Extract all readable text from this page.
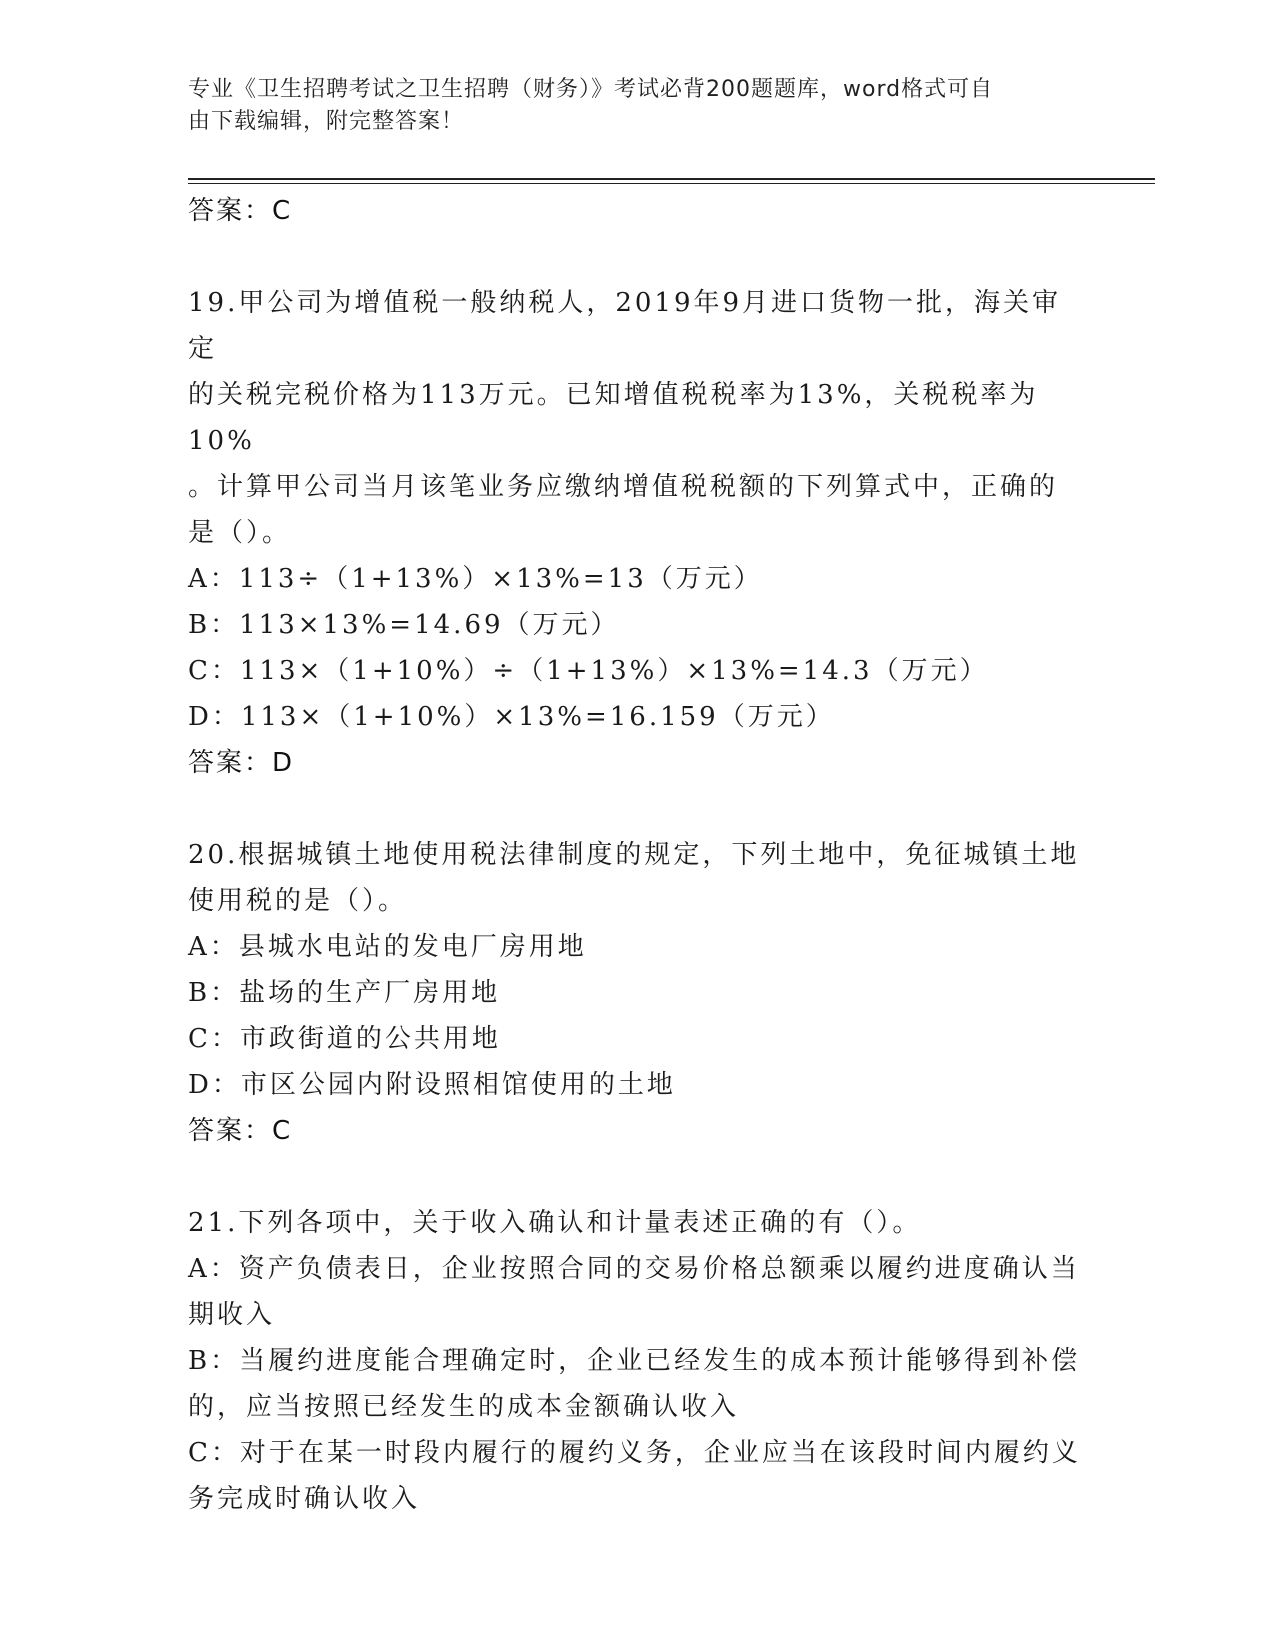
专业《卫生招聘考试之卫生招聘（财务）》考试必背200题题库，word格式可自
由下载编辑，附完整答案！
答案：C
19.甲公司为增值税一般纳税人，2019年9月进口货物一批，海关审定
的关税完税价格为113万元。已知增值税税率为13%，关税税率为10%
。计算甲公司当月该笔业务应缴纳增值税税额的下列算式中，正确的
是（）。
A：113÷（1+13%）×13%=13（万元）
B：113×13%=14.69（万元）
C：113×（1+10%）÷（1+13%）×13%=14.3（万元）
D：113×（1+10%）×13%=16.159（万元）
答案：D
20.根据城镇土地使用税法律制度的规定，下列土地中，免征城镇土地
使用税的是（）。
A：县城水电站的发电厂房用地
B：盐场的生产厂房用地
C：市政街道的公共用地
D：市区公园内附设照相馆使用的土地
答案：C
21.下列各项中，关于收入确认和计量表述正确的有（）。
A：资产负债表日，企业按照合同的交易价格总额乘以履约进度确认当
期收入
B：当履约进度能合理确定时，企业已经发生的成本预计能够得到补偿
的，应当按照已经发生的成本金额确认收入
C：对于在某一时段内履行的履约义务，企业应当在该段时间内履约义
务完成时确认收入
